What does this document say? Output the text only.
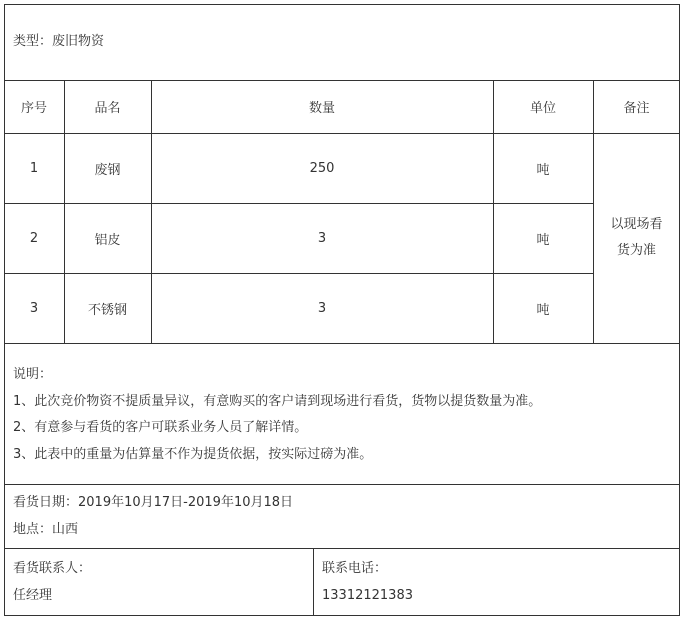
类型：废旧物资
序号	品名	数量	单位	备注
1	废钢	250	吨
2	铝皮	3	吨
3	不锈钢	3	吨
以现场看
货为准
说明：
1、此次竞价物资不提质量异议，有意购买的客户请到现场进行看货，货物以提货数量为准。
2、有意参与看货的客户可联系业务人员了解详情。
3、此表中的重量为估算量不作为提货依据，按实际过磅为准。
看货日期：2019年10月17日-2019年10月18日
地点：山西
看货联系人：
任经理
联系电话：
13312121383
